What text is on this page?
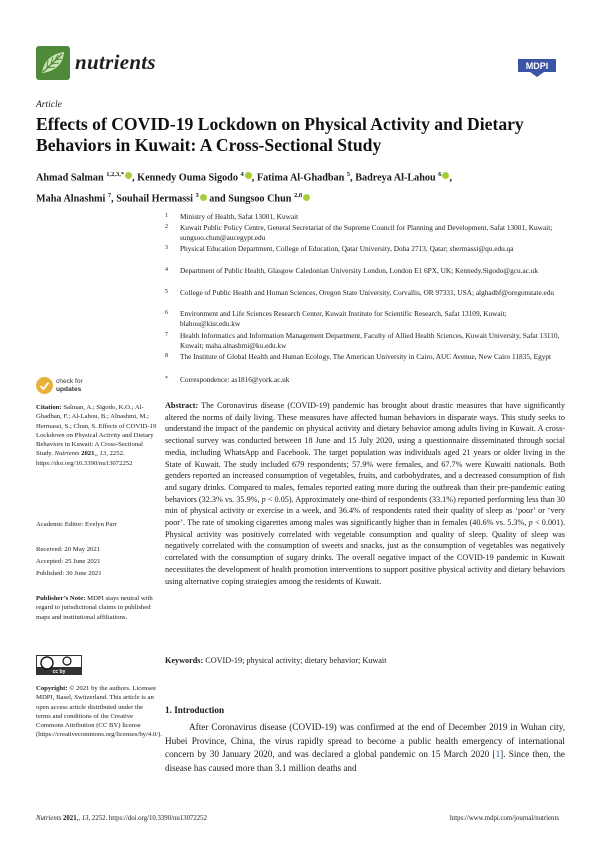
nutrients	MDPI
Article
Effects of COVID-19 Lockdown on Physical Activity and Dietary Behaviors in Kuwait: A Cross-Sectional Study
Ahmad Salman $^{1,2,3,*}$ , Kennedy Ouma Sigodo $^4$ , Fatima Al-Ghadban $^5$, Badreya Al-Lahou $^6$ ,
Maha Alnashmi $^7$, Souhail Hermassi $^3$ and Sungsoo Chun $^{2,8}$
1 Ministry of Health, Safat 13001, Kuwait
2 Kuwait Public Policy Centre, General Secretariat of the Supreme Council for Planning and Development, Safat 13001, Kuwait; sungsoo.chun@aucegypt.edu
3 Physical Education Department, College of Education, Qatar University, Doha 2713, Qatar; shermassi@qu.edu.qa
4 Department of Public Health, Glasgow Caledonian University London, London E1 6PX, UK; Kennedy.Sigodo@gcu.ac.uk
5 College of Public Health and Human Sciences, Oregon State University, Corvallis, OR 97331, USA; alghadbf@oregonstate.edu
6 Environment and Life Sciences Research Center, Kuwait Institute for Scientific Research, Safat 13109, Kuwait; blahou@kisr.edu.kw
7 Health Informatics and Information Management Department, Faculty of Allied Health Sciences, Kuwait University, Safat 13110, Kuwait; maha.alnashmi@ku.edu.kw
8 The Institute of Global Health and Human Ecology, The American University in Cairo, AUC Avenue, New Cairo 11835, Egypt
* Correspondence: as1816@york.ac.uk
check for
updates
Citation: Salman, A.; Sigodo, K.O.; Al-Ghadban, F.; Al-Lahou, B.; Alnashmi, M.; Hermassi, S.; Chun, S. Effects of COVID-19 Lockdown on Physical Activity and Dietary Behaviors in Kuwait: A Cross-Sectional Study. Nutrients 2021,, 13, 2252. https://doi.org/10.3390/nu13072252
Academic Editor: Evelyn Parr
Received: 20 May 2021
Accepted: 25 June 2021
Published: 30 June 2021
Publisher’s Note: MDPI stays neutral with regard to jurisdictional claims in published maps and institutional affiliations.
cc by
Copyright: © 2021 by the authors. Licensee MDPI, Basel, Switzerland. This article is an open access article distributed under the terms and conditions of the Creative Commons Attribution (CC BY) license (https://creativecommons.org/licenses/by/4.0/).
Abstract: The Coronavirus disease (COVID-19) pandemic has brought about drastic measures that have significantly altered the norms of daily living. These measures have affected human behaviors in disparate ways. This study seeks to understand the impact of the pandemic on physical activity and dietary behavior among adults living in Kuwait. A cross-sectional survey was conducted between 18 June and 15 July 2020, using a questionnaire disseminated through social media, including WhatsApp and Facebook. The target population was individuals aged 21 years or older living in the State of Kuwait. The study included 679 respondents; 57.9% were females, and 67.7% were Kuwaiti nationals. Both genders reported an increased consumption of vegetables, fruits, and carbohydrates, and a decreased consumption of fish and sugary drinks. Compared to males, females reported eating more during the outbreak than their pre-pandemic eating behaviors (32.3% vs. 35.9%, p < 0.05). Approximately one-third of respondents (33.1%) reported performing less than 30 min of physical activity or exercise in a week, and 36.4% of respondents rated their quality of sleep as ‘poor’ or ‘very poor’. The rate of smoking cigarettes among males was significantly higher than in females (40.6% vs. 5.3%, p < 0.001). Physical activity was positively correlated with vegetable consumption and quality of sleep. Quality of sleep was negatively correlated with the consumption of sweets and snacks, just as the consumption of vegetables was negatively correlated with the consumption of sugary drinks. The overall negative impact of the COVID-19 pandemic in Kuwait necessitates the development of health promotion interventions to support positive physical activity and dietary behaviors using alternative coping strategies among the residents of Kuwait.
Keywords: COVID-19; physical activity; dietary behavior; Kuwait
1. Introduction
After Coronavirus disease (COVID-19) was confirmed at the end of December 2019 in Wuhan city, Hubei Province, China, the virus rapidly spread to become a public health emergency of international concern by 30 January 2020, and was declared a global pandemic on 15 March 2020 [1]. Since then, the disease has caused more than 3.1 million deaths and
Nutrients 2021,, 13, 2252. https://doi.org/10.3390/nu13072252	https://www.mdpi.com/journal/nutrients
